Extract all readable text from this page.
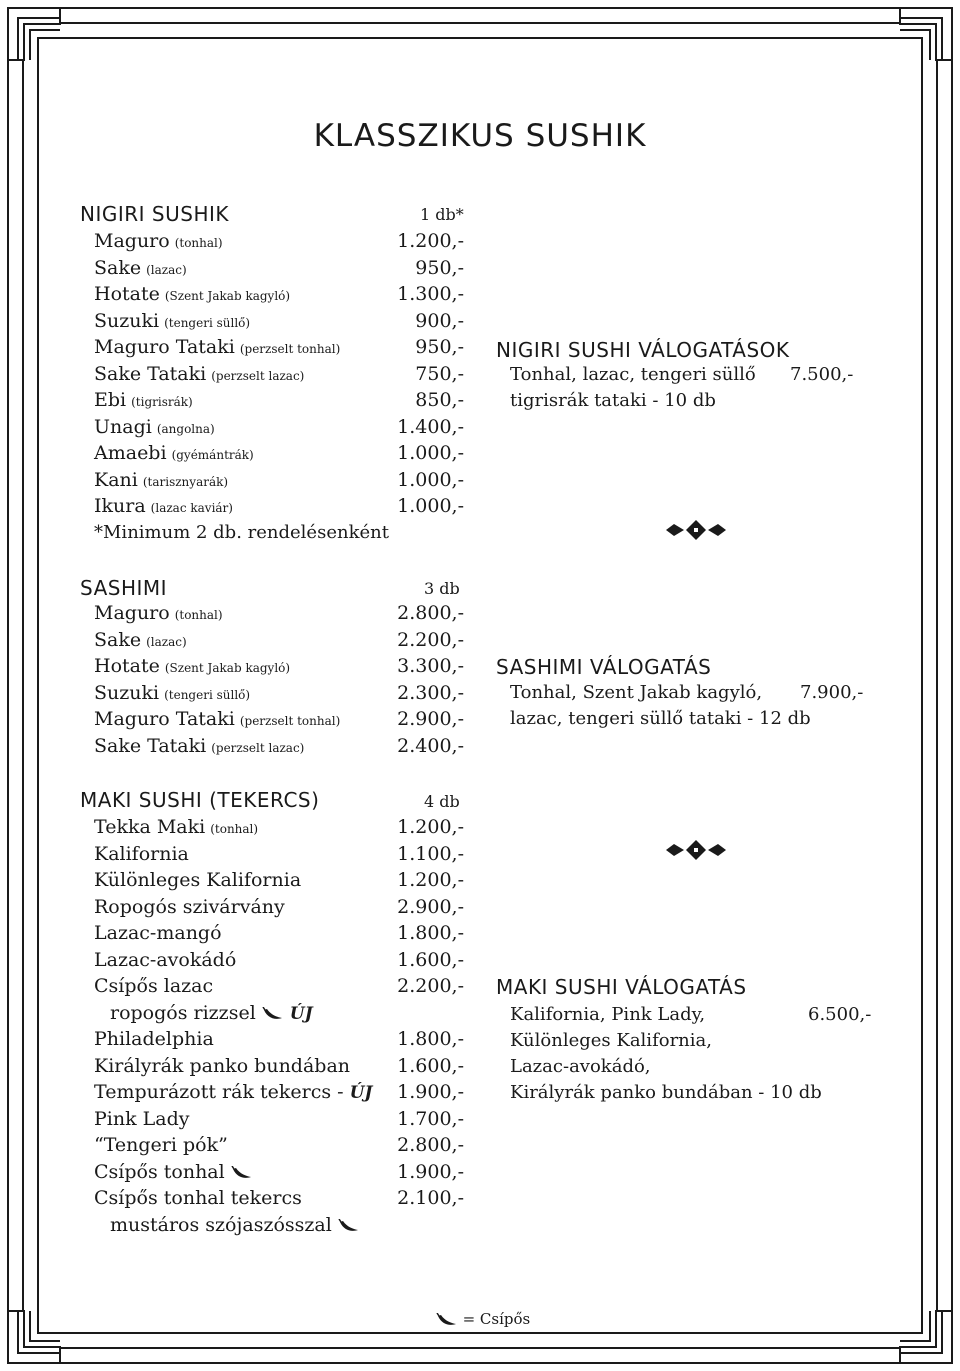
KLASSZIKUS SUSHIK
NIGIRI SUSHIK	1 db*
Maguro (tonhal)	1.200,-
Sake (lazac)	950,-
Hotate (Szent Jakab kagyló)	1.300,-
Suzuki (tengeri süllő)	900,-
Maguro Tataki (perzselt tonhal)	950,-
Sake Tataki (perzselt lazac)	750,-
Ebi (tigrisrák)	850,-
Unagi (angolna)	1.400,-
Amaebi (gyémántrák)	1.000,-
Kani (tarisznyarák)	1.000,-
Ikura (lazac kaviár)	1.000,-
*Minimum 2 db. rendelésenként
NIGIRI SUSHI VÁLOGATÁSOK
Tonhal, lazac, tengeri süllő 7.500,-
tigrisrák tataki - 10 db
SASHIMI	3 db
Maguro (tonhal)	2.800,-
Sake (lazac)	2.200,-
Hotate (Szent Jakab kagyló)	3.300,-
Suzuki (tengeri süllő)	2.300,-
Maguro Tataki (perzselt tonhal)	2.900,-
Sake Tataki (perzselt lazac)	2.400,-
SASHIMI VÁLOGATÁS
Tonhal, Szent Jakab kagyló, 7.900,-
lazac, tengeri süllő tataki - 12 db
MAKI SUSHI (TEKERCS)	4 db
Tekka Maki (tonhal)	1.200,-
Kalifornia	1.100,-
Különleges Kalifornia	1.200,-
Ropogós szivárvány	2.900,-
Lazac-mangó	1.800,-
Lazac-avokádó	1.600,-
Csípős lazac	2.200,-
ropogós rizzsel ÚJ
Philadelphia	1.800,-
Királyrák panko bundában 1.600,-
Tempurázott rák tekercs - ÚJ 1.900,-
Pink Lady	1.700,-
“Tengeri pók”	2.800,-
Csípős tonhal	1.900,-
Csípős tonhal tekercs	2.100,-
mustáros szójaszósszal
MAKI SUSHI VÁLOGATÁS
Kalifornia, Pink Lady,	6.500,-
Különleges Kalifornia,
Lazac-avokádó,
Királyrák panko bundában - 10 db
= Csípős
